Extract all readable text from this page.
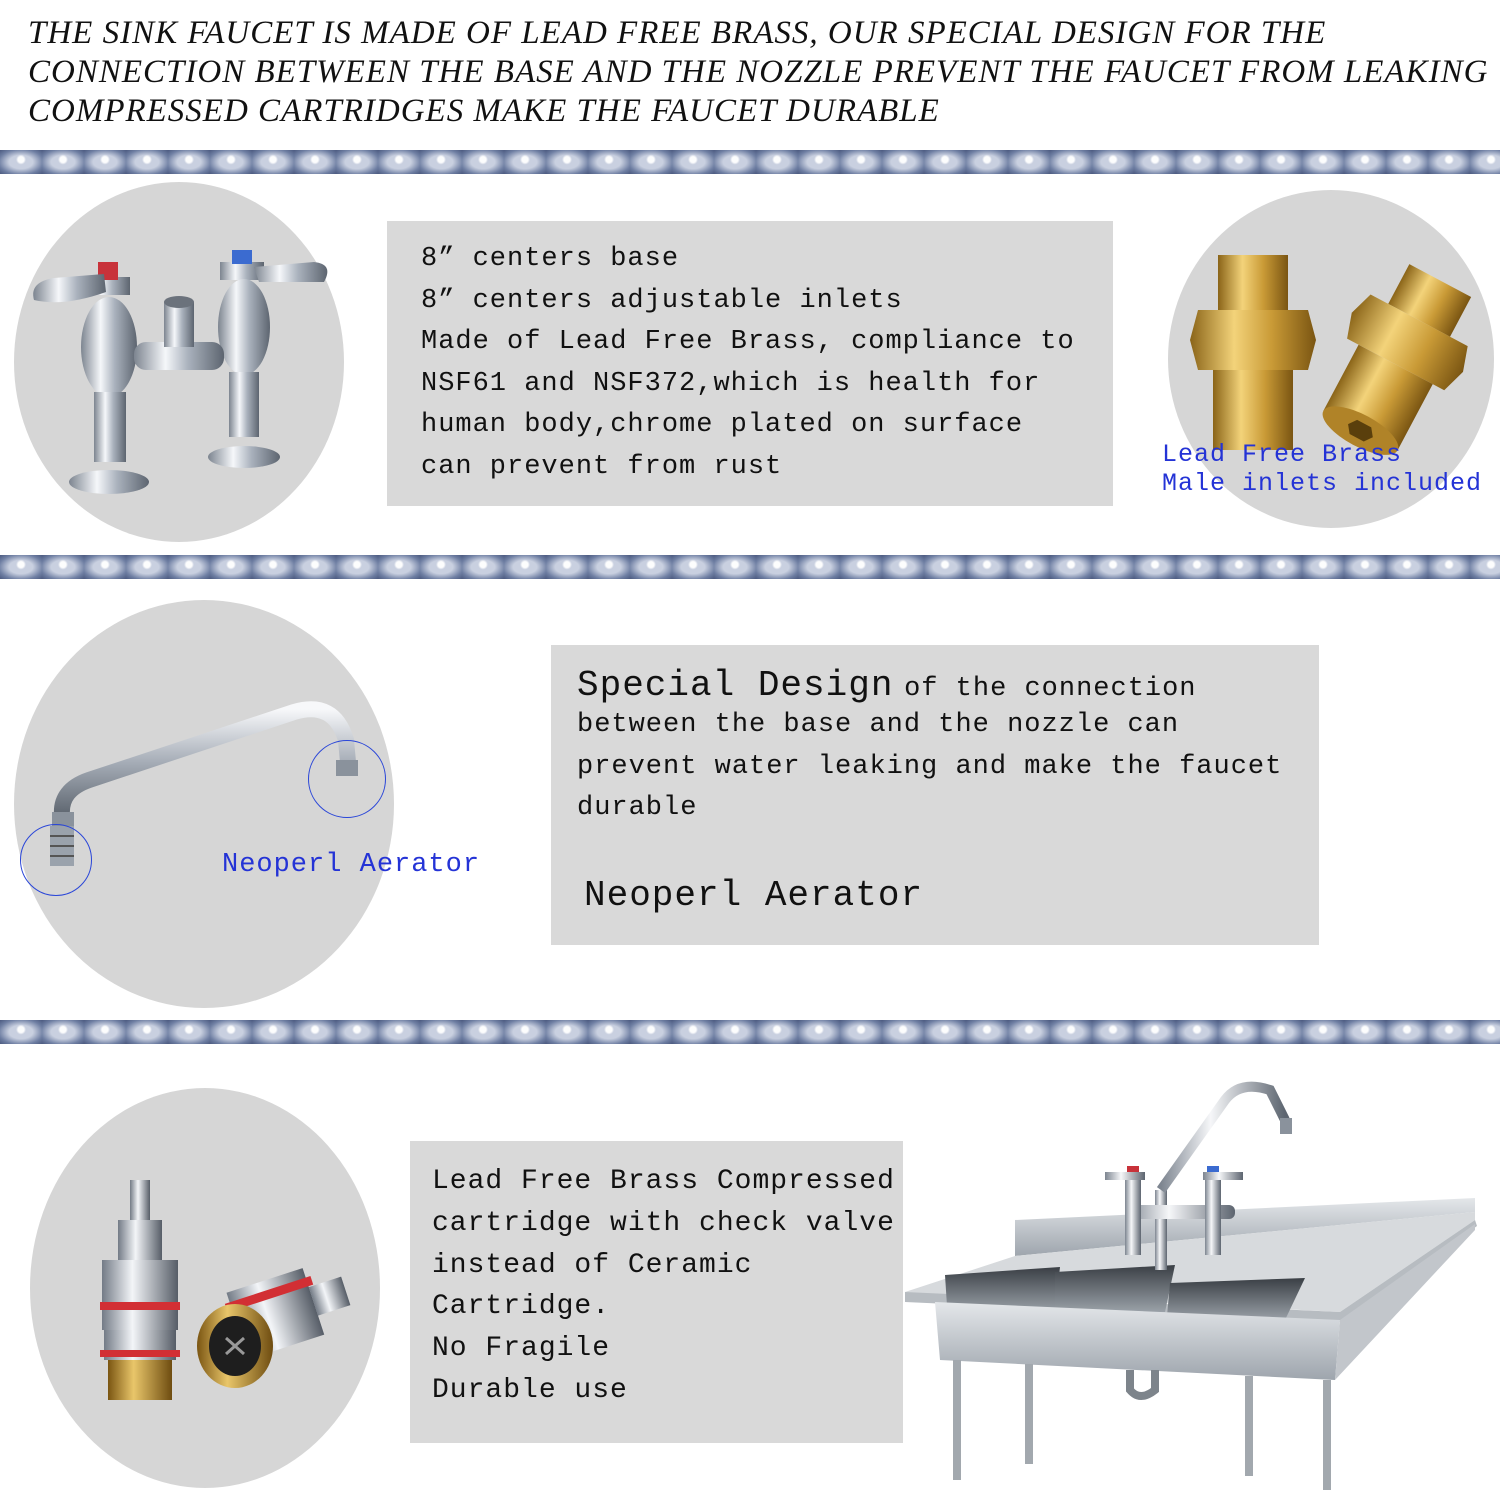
THE SINK FAUCET IS MADE OF LEAD FREE BRASS, OUR SPECIAL DESIGN FOR THE
CONNECTION BETWEEN THE BASE AND THE NOZZLE PREVENT THE FAUCET FROM LEAKING
COMPRESSED CARTRIDGES MAKE THE FAUCET DURABLE
8” centers base
8” centers adjustable inlets
Made of Lead Free Brass, compliance to
NSF61 and NSF372,which is health for
human body,chrome plated on surface
can prevent from rust	Lead Free Brass
Male inlets included
Neoperl Aerator
Special Design of the connection
between the base and the nozzle can
prevent water leaking and make the faucet
durable
Neoperl Aerator
Lead Free Brass Compressed
cartridge with check valve
instead of Ceramic
Cartridge.
No Fragile
Durable use
